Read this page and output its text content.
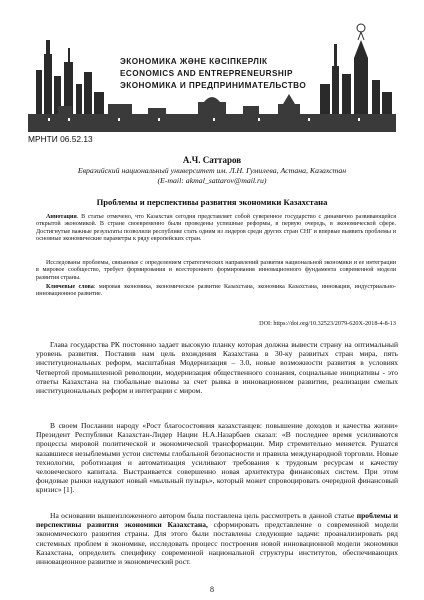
ЭКОНОМИКА ЖӘНЕ КӘСІПКЕРЛІК
ECONOMICS AND ENTREPRENEURSHIP
ЭКОНОМИКА И ПРЕДПРИНИМАТЕЛЬСТВО
МРНТИ 06.52.13
А.Ч. Саттаров
Евразийский национальный университет им. Л.Н. Гумилева, Астана, Казахстан
(E-mail: akmal_sattarov@mail.ru)
Проблемы и перспективы развития экономики Казахстана
Аннотация. В статье отмечено, что Казахстан сегодня представляет собой суверенное государство с динамично развивающейся открытой экономикой. В стране своевременно были проведены успешные реформы, в первую очередь, в экономической сфере. Достигнутые важные результаты позволили республике стать одним из лидеров среди других стран СНГ и впервые выявить проблемы и основные экономические параметры к ряду европейских стран.
Исследованы проблемы, связанные с определением стратегических направлений развития национальной экономики и ее интеграции в мировое сообщество, требует формирования и всестороннего формирования инновационного фундамента современной модели развития страны.
Ключевые слова: мировая экономика, экономическое развитие Казахстана, экономика Казахстана, инновации, индустриально-инновационное развитие.
DOI: https://doi.org/10.32523/2079-620X-2018-4-8-13
Глава государства РК постоянно задает высокую планку которая должна вывести страну на оптимальный уровень развития. Поставив нам цель вхождения Казахстана в 30-ку развитых стран мира, пять институциональных реформ, масштабная Модернизация – 3.0, новые возможности развития в условиях Четвертой промышленной революции, модернизация общественного сознания, социальные инициативы - это ответы Казахстана на глобальные вызовы за счет рывка в инновационном развитии, реализации смелых институциональных реформ и интеграции с миром.
В своем Послании народу «Рост благосостояния казахстанцев: повышение доходов и качества жизни» Президент Республики Казахстан-Лидер Нации Н.А.Назарбаев сказал: «В последнее время усиливаются процессы мировой политической и экономической трансформации. Мир стремительно меняется. Рушатся казавшиеся незыблемыми устои системы глобальной безопасности и правила международной торговли. Новые технологии, роботизация и автоматизация усиливают требования к трудовым ресурсам и качеству человеческого капитала. Выстраивается совершенно новая архитектура финансовых систем. При этом фондовые рынки надувают новый «мыльный пузырь», который может спровоцировать очередной финансовый кризис» [1].
На основании вышеизложенного автором была поставлена цель рассмотреть в данной статье проблемы и перспективы развития экономики Казахстана, сформировать представление о современной модели экономического развития страны. Для этого были поставлены следующие задачи: проанализировать ряд системных проблем в экономике, исследовать процесс построения новой инновационной модели экономики Казахстана, определить специфику современной национальной структуры институтов, обеспечивающих инновационное развитие и экономический рост.
8
